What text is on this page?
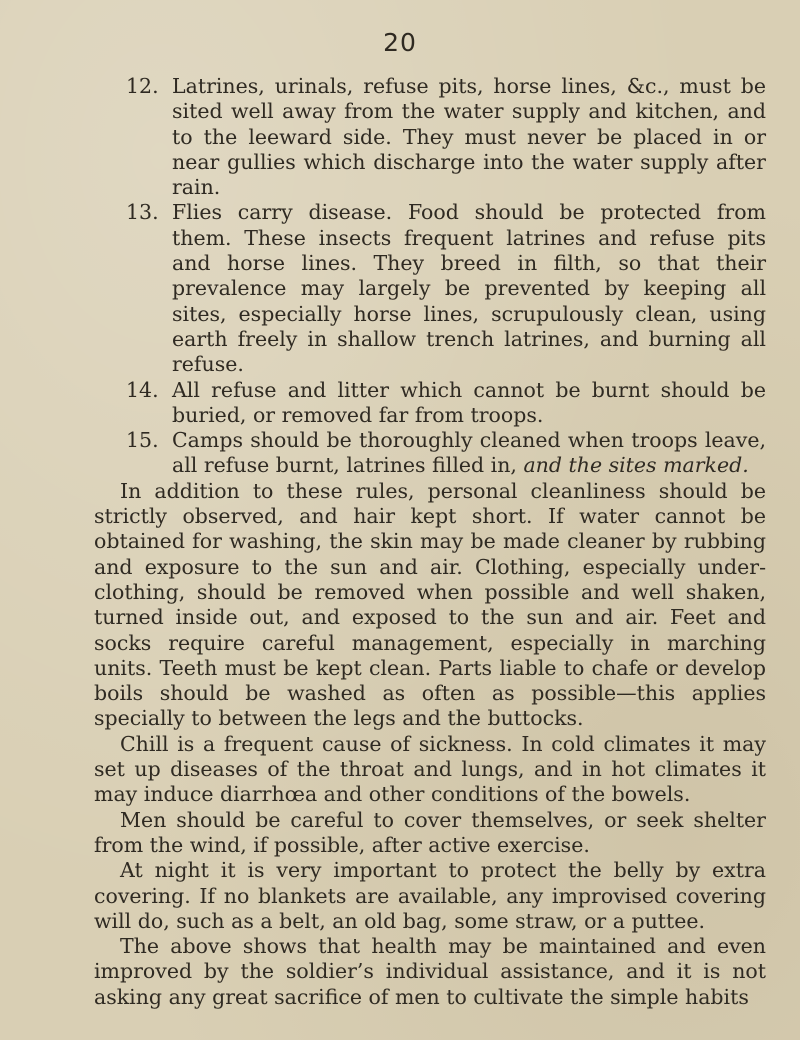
20
12. Latrines, urinals, refuse pits, horse lines, &c., must be sited well away from the water supply and kitchen, and to the leeward side. They must never be placed in or near gullies which discharge into the water supply after rain.
13. Flies carry disease. Food should be protected from them. These insects frequent latrines and refuse pits and horse lines. They breed in filth, so that their prevalence may largely be prevented by keeping all sites, especially horse lines, scrupulously clean, using earth freely in shallow trench latrines, and burning all refuse.
14. All refuse and litter which cannot be burnt should be buried, or removed far from troops.
15. Camps should be thoroughly cleaned when troops leave, all refuse burnt, latrines filled in, and the sites marked.

In addition to these rules, personal cleanliness should be strictly observed, and hair kept short. If water cannot be obtained for washing, the skin may be made cleaner by rubbing and exposure to the sun and air. Clothing, especially under-clothing, should be removed when possible and well shaken, turned inside out, and exposed to the sun and air. Feet and socks require careful management, especially in marching units. Teeth must be kept clean. Parts liable to chafe or develop boils should be washed as often as possible—this applies specially to between the legs and the buttocks.

Chill is a frequent cause of sickness. In cold climates it may set up diseases of the throat and lungs, and in hot climates it may induce diarrhœa and other conditions of the bowels.

Men should be careful to cover themselves, or seek shelter from the wind, if possible, after active exercise.

At night it is very important to protect the belly by extra covering. If no blankets are available, any improvised covering will do, such as a belt, an old bag, some straw, or a puttee.

The above shows that health may be maintained and even improved by the soldier’s individual assistance, and it is not asking any great sacrifice of men to cultivate the simple habits
